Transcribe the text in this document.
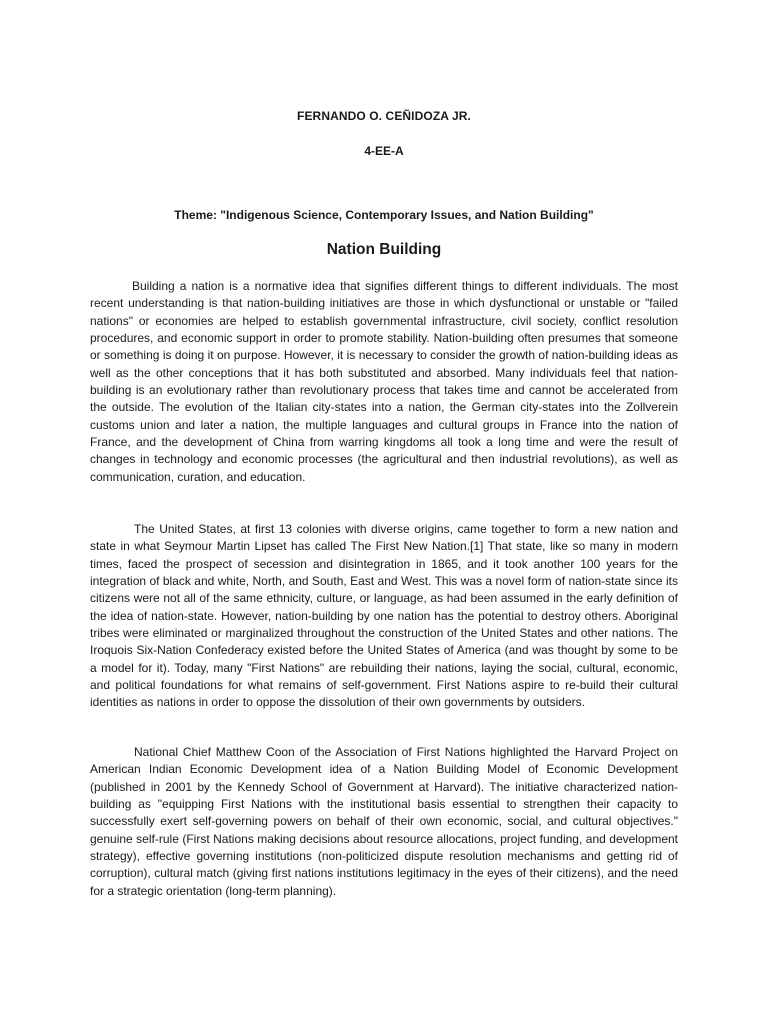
FERNANDO O. CEÑIDOZA JR.
4-EE-A
Theme: "Indigenous Science, Contemporary Issues, and Nation Building"
Nation Building

Building a nation is a normative idea that signifies different things to different individuals. The most recent understanding is that nation-building initiatives are those in which dysfunctional or unstable or "failed nations" or economies are helped to establish governmental infrastructure, civil society, conflict resolution procedures, and economic support in order to promote stability. Nation-building often presumes that someone or something is doing it on purpose. However, it is necessary to consider the growth of nation-building ideas as well as the other conceptions that it has both substituted and absorbed. Many individuals feel that nation-building is an evolutionary rather than revolutionary process that takes time and cannot be accelerated from the outside. The evolution of the Italian city-states into a nation, the German city-states into the Zollverein customs union and later a nation, the multiple languages and cultural groups in France into the nation of France, and the development of China from warring kingdoms all took a long time and were the result of changes in technology and economic processes (the agricultural and then industrial revolutions), as well as communication, curation, and education.

The United States, at first 13 colonies with diverse origins, came together to form a new nation and state in what Seymour Martin Lipset has called The First New Nation.[1] That state, like so many in modern times, faced the prospect of secession and disintegration in 1865, and it took another 100 years for the integration of black and white, North, and South, East and West. This was a novel form of nation-state since its citizens were not all of the same ethnicity, culture, or language, as had been assumed in the early definition of the idea of nation-state. However, nation-building by one nation has the potential to destroy others. Aboriginal tribes were eliminated or marginalized throughout the construction of the United States and other nations. The Iroquois Six-Nation Confederacy existed before the United States of America (and was thought by some to be a model for it). Today, many "First Nations" are rebuilding their nations, laying the social, cultural, economic, and political foundations for what remains of self-government. First Nations aspire to re-build their cultural identities as nations in order to oppose the dissolution of their own governments by outsiders.

National Chief Matthew Coon of the Association of First Nations highlighted the Harvard Project on American Indian Economic Development idea of a Nation Building Model of Economic Development (published in 2001 by the Kennedy School of Government at Harvard). The initiative characterized nation-building as "equipping First Nations with the institutional basis essential to strengthen their capacity to successfully exert self-governing powers on behalf of their own economic, social, and cultural objectives." genuine self-rule (First Nations making decisions about resource allocations, project funding, and development strategy), effective governing institutions (non-politicized dispute resolution mechanisms and getting rid of corruption), cultural match (giving first nations institutions legitimacy in the eyes of their citizens), and the need for a strategic orientation (long-term planning).
